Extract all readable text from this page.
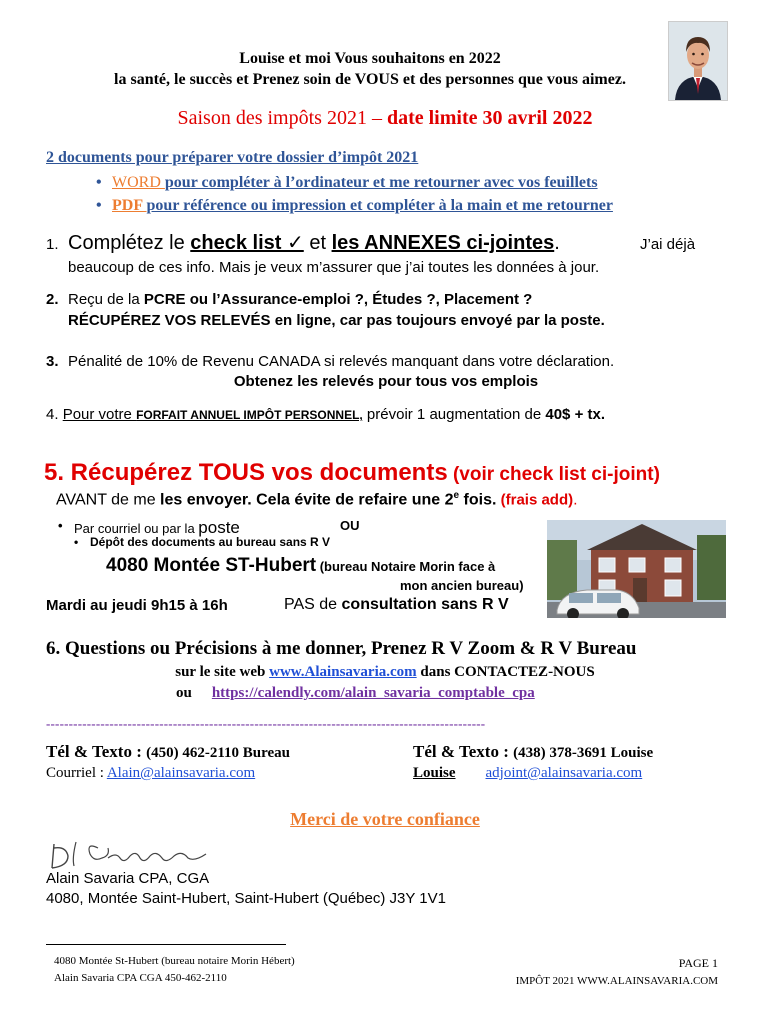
Louise et moi Vous souhaitons en 2022
la santé, le succès et Prenez soin de VOUS et des personnes que vous aimez.
Saison des impôts 2021 – date limite 30 avril 2022
2 documents pour préparer votre dossier d’impôt 2021
• WORD pour compléter à l’ordinateur et me retourner avec vos feuillets
• PDF pour référence ou impression et compléter à la main et me retourner
1. Complétez le check list ✓ et les ANNEXES ci-jointes.	J’ai déjà
beaucoup de ces info. Mais je veux m’assurer que j’ai toutes les données à jour.
2. Reçu de la PCRE ou l’Assurance-emploi ?, Études ?, Placement ?
RÉCUPÉREZ VOS RELEVÉS en ligne, car pas toujours envoyé par la poste.
3. Pénalité de 10% de Revenu CANADA si relevés manquant dans votre déclaration.
Obtenez les relevés pour tous vos emplois
4. Pour votre FORFAIT ANNUEL IMPÔT PERSONNEL, prévoir 1 augmentation de 40$ + tx.
5. Récupérez TOUS vos documents (voir check list ci-joint)
AVANT de me les envoyer. Cela évite de refaire une 2e fois. (frais add).
• Par courriel ou par la poste	OU
• Dépôt des documents au bureau sans R V
4080 Montée ST-Hubert (bureau Notaire Morin face à
mon ancien bureau)
Mardi au jeudi 9h15 à 16h	PAS de consultation sans R V
6. Questions ou Précisions à me donner, Prenez R V Zoom & R V Bureau
sur le site web www.Alainsavaria.com dans CONTACTEZ-NOUS
ou https://calendly.com/alain_savaria_comptable_cpa
-------------------------------------------------------------------------------------------------
Tél & Texto : (450) 462-2110 Bureau
Courriel : Alain@alainsavaria.com
Tél & Texto : (438) 378-3691 Louise
Louise adjoint@alainsavaria.com
Merci de votre confiance
Alain Savaria CPA, CGA
4080, Montée Saint-Hubert, Saint-Hubert (Québec) J3Y 1V1
4080 Montée St-Hubert (bureau notaire Morin Hébert)
Alain Savaria CPA CGA 450-462-2110
PAGE 1
IMPÔT 2021 WWW.ALAINSAVARIA.COM
